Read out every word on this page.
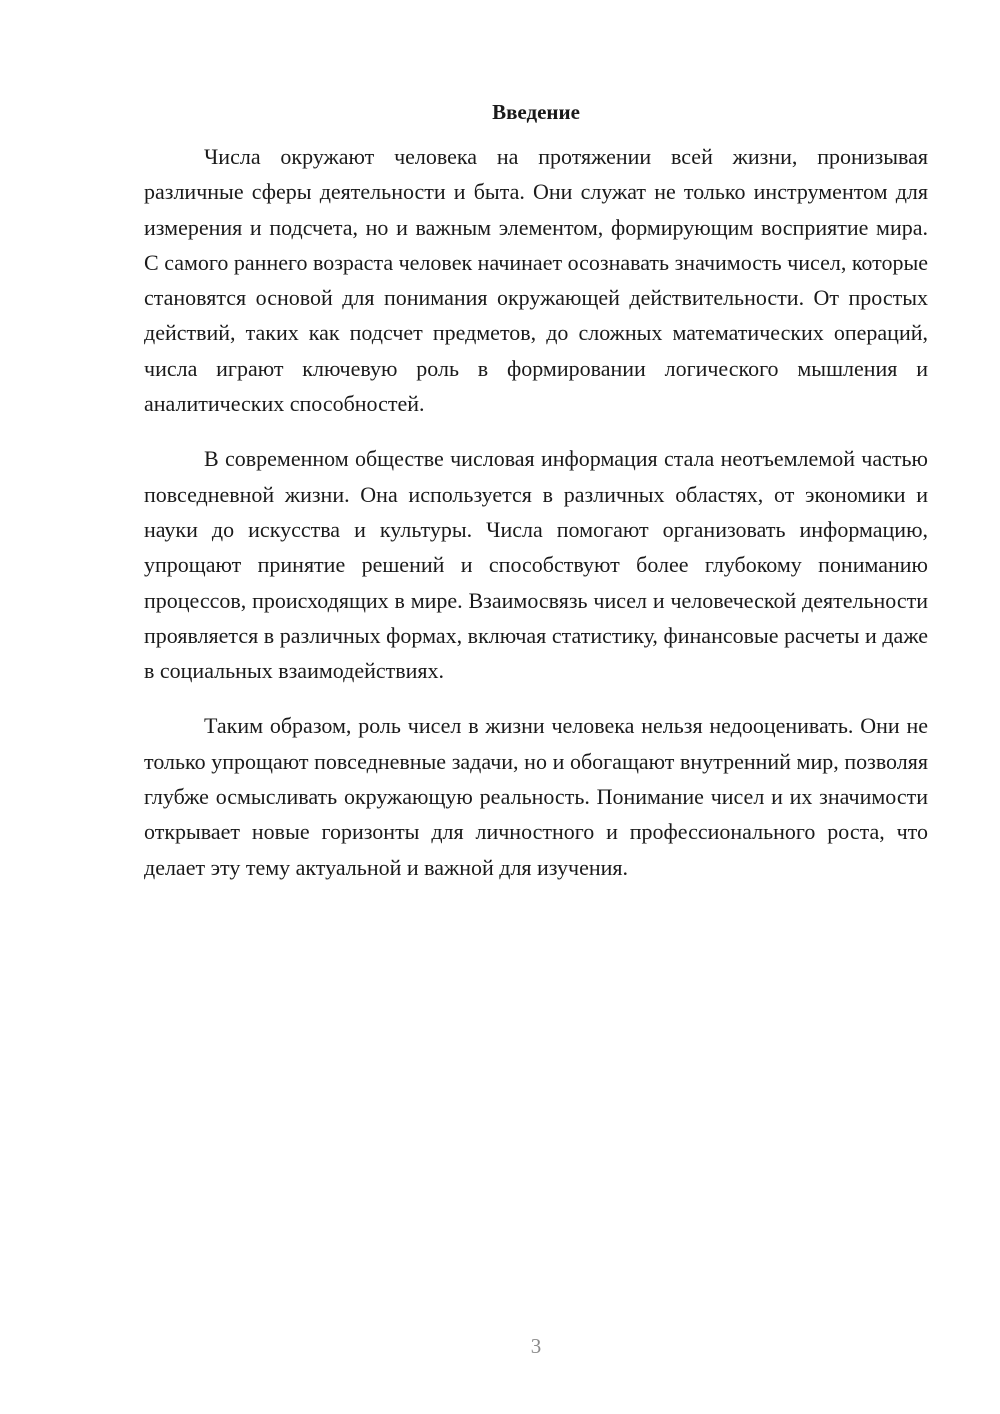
Введение

Числа окружают человека на протяжении всей жизни, пронизывая различные сферы деятельности и быта. Они служат не только инструментом для измерения и подсчета, но и важным элементом, формирующим восприятие мира. С самого раннего возраста человек начинает осознавать значимость чисел, которые становятся основой для понимания окружающей действительности. От простых действий, таких как подсчет предметов, до сложных математических операций, числа играют ключевую роль в формировании логического мышления и аналитических способностей.

В современном обществе числовая информация стала неотъемлемой частью повседневной жизни. Она используется в различных областях, от экономики и науки до искусства и культуры. Числа помогают организовать информацию, упрощают принятие решений и способствуют более глубокому пониманию процессов, происходящих в мире. Взаимосвязь чисел и человеческой деятельности проявляется в различных формах, включая статистику, финансовые расчеты и даже в социальных взаимодействиях.

Таким образом, роль чисел в жизни человека нельзя недооценивать. Они не только упрощают повседневные задачи, но и обогащают внутренний мир, позволяя глубже осмысливать окружающую реальность. Понимание чисел и их значимости открывает новые горизонты для личностного и профессионального роста, что делает эту тему актуальной и важной для изучения.

3
